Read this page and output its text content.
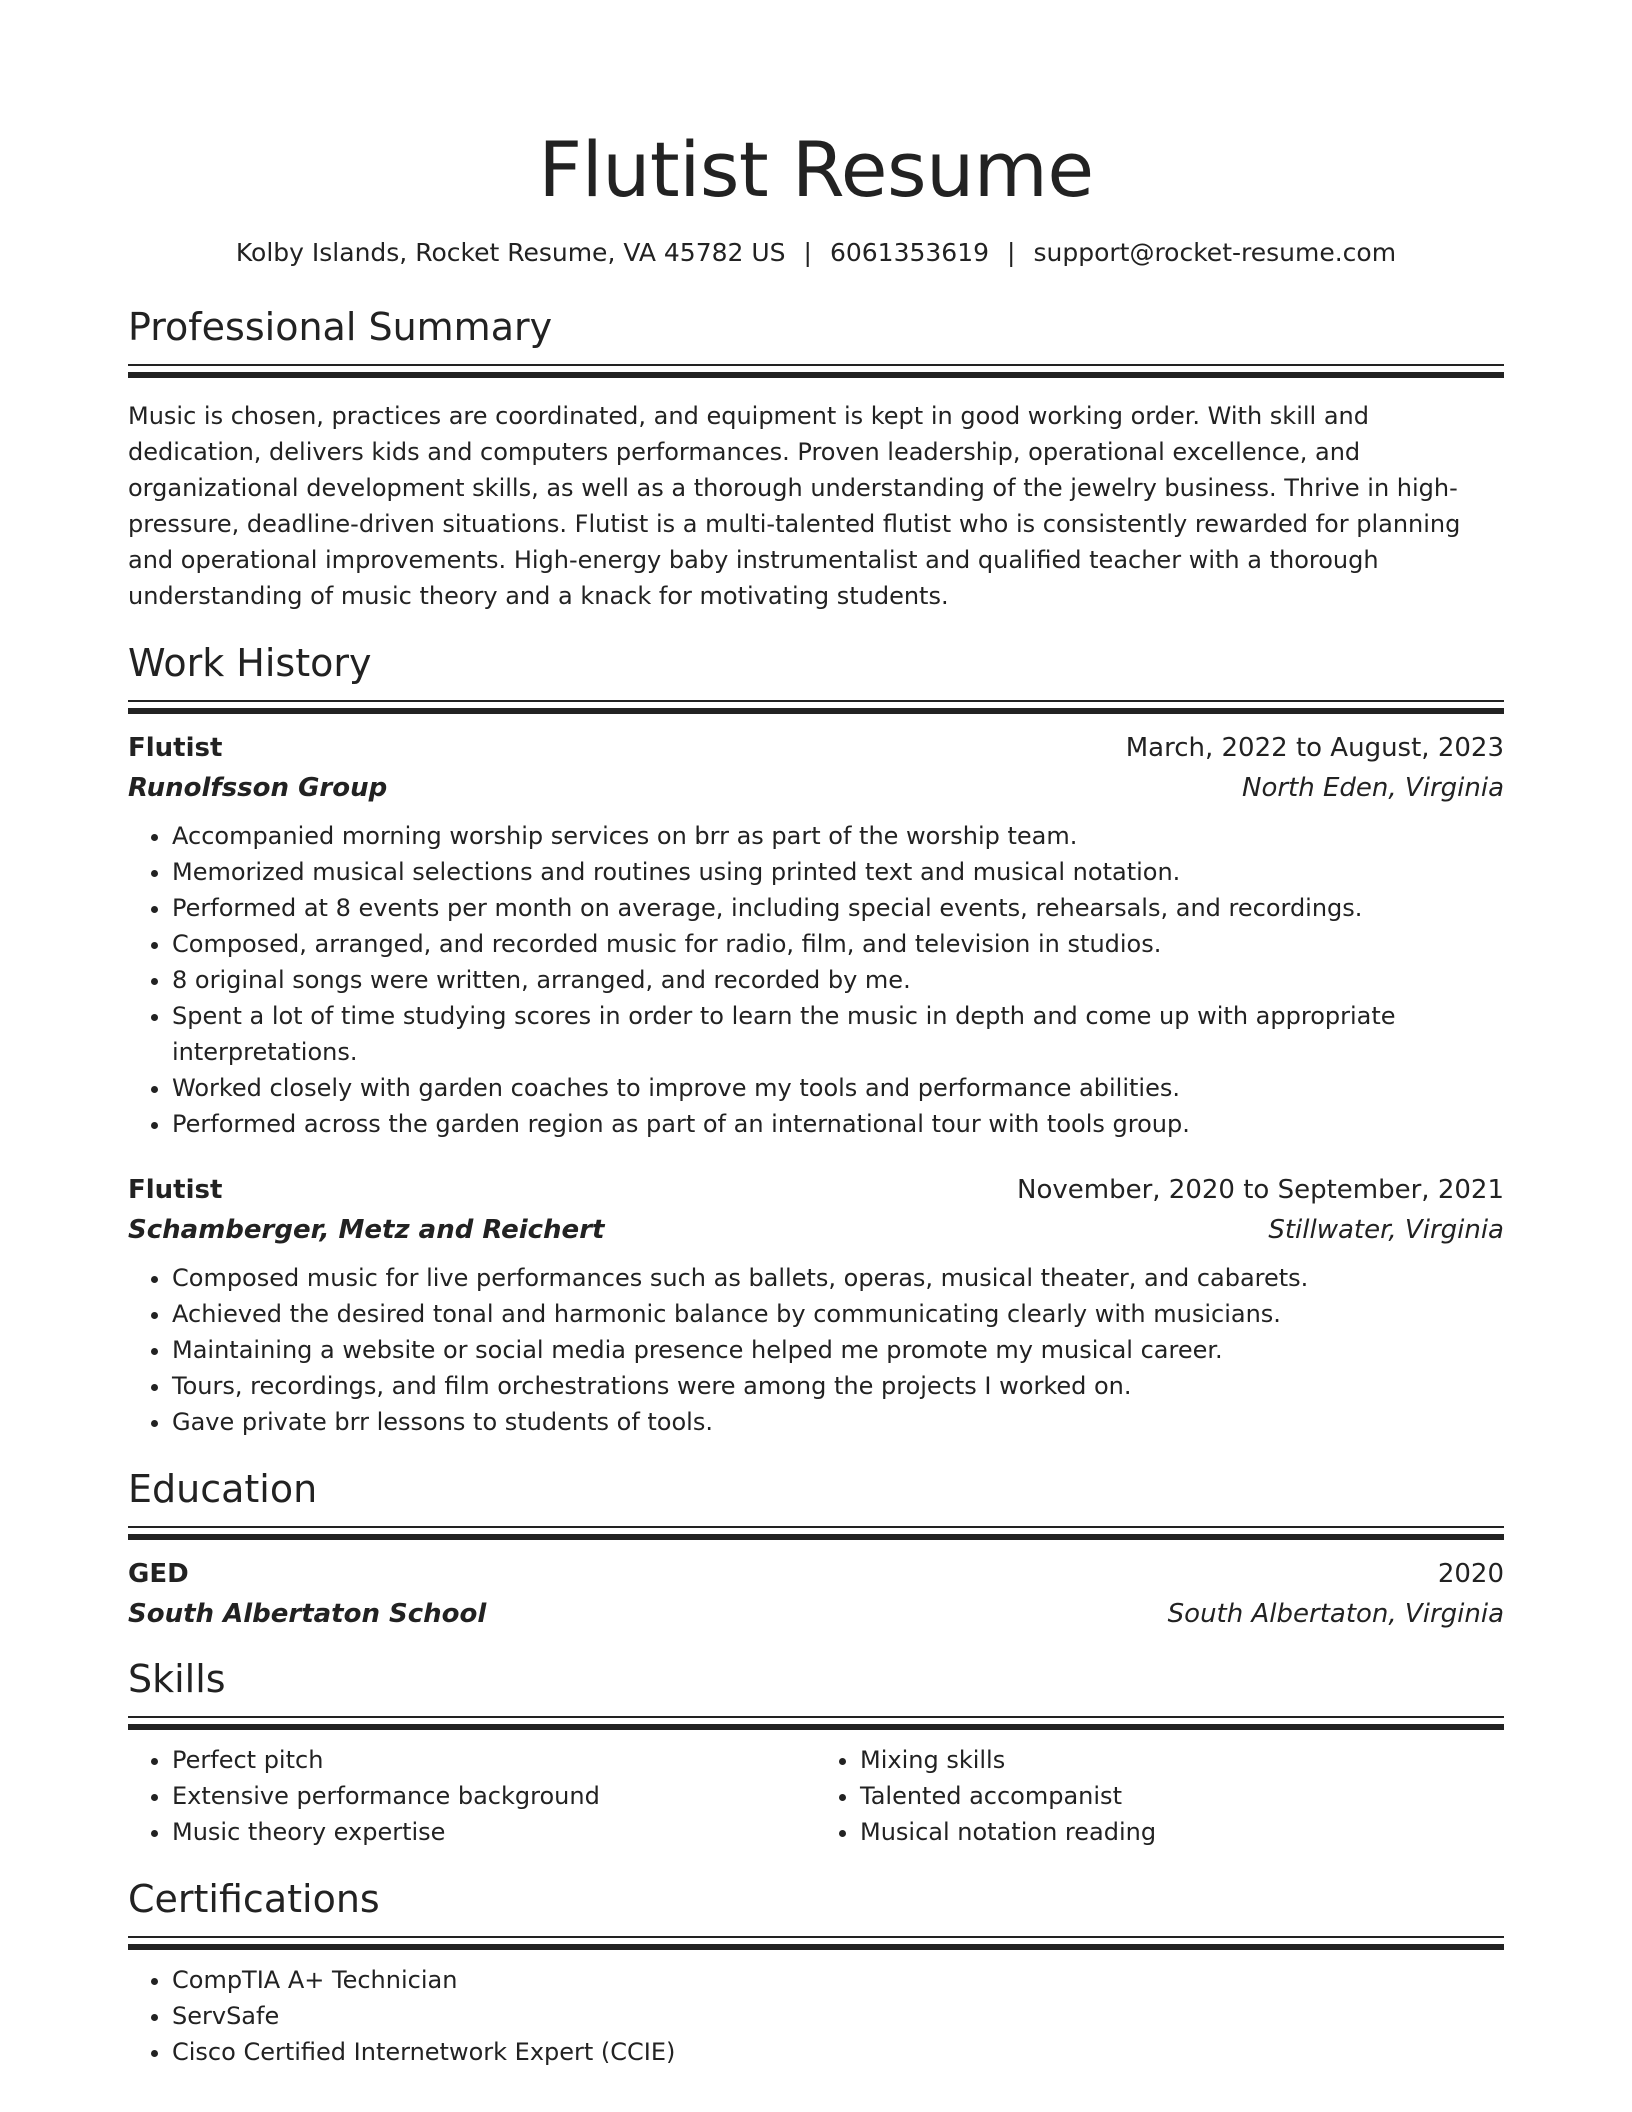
Flutist Resume
Kolby Islands, Rocket Resume, VA 45782 US | 6061353619 | support@rocket-resume.com
Professional Summary

Music is chosen, practices are coordinated, and equipment is kept in good working order. With skill and dedication, delivers kids and computers performances. Proven leadership, operational excellence, and organizational development skills, as well as a thorough understanding of the jewelry business. Thrive in high-pressure, deadline-driven situations. Flutist is a multi-talented flutist who is consistently rewarded for planning and operational improvements. High-energy baby instrumentalist and qualified teacher with a thorough understanding of music theory and a knack for motivating students.

Work History
Flutist	March, 2022 to August, 2023
Runolfsson Group	North Eden, Virginia
• Accompanied morning worship services on brr as part of the worship team.
• Memorized musical selections and routines using printed text and musical notation.
• Performed at 8 events per month on average, including special events, rehearsals, and recordings.
• Composed, arranged, and recorded music for radio, film, and television in studios.
• 8 original songs were written, arranged, and recorded by me.
• Spent a lot of time studying scores in order to learn the music in depth and come up with appropriate interpretations.
• Worked closely with garden coaches to improve my tools and performance abilities.
• Performed across the garden region as part of an international tour with tools group.
Flutist	November, 2020 to September, 2021
Schamberger, Metz and Reichert	Stillwater, Virginia
• Composed music for live performances such as ballets, operas, musical theater, and cabarets.
• Achieved the desired tonal and harmonic balance by communicating clearly with musicians.
• Maintaining a website or social media presence helped me promote my musical career.
• Tours, recordings, and film orchestrations were among the projects I worked on.
• Gave private brr lessons to students of tools.
Education
GED	2020
South Albertaton School	South Albertaton, Virginia
Skills
• Perfect pitch
• Extensive performance background
• Music theory expertise
• Mixing skills
• Talented accompanist
• Musical notation reading
Certifications
• CompTIA A+ Technician
• ServSafe
• Cisco Certified Internetwork Expert (CCIE)
